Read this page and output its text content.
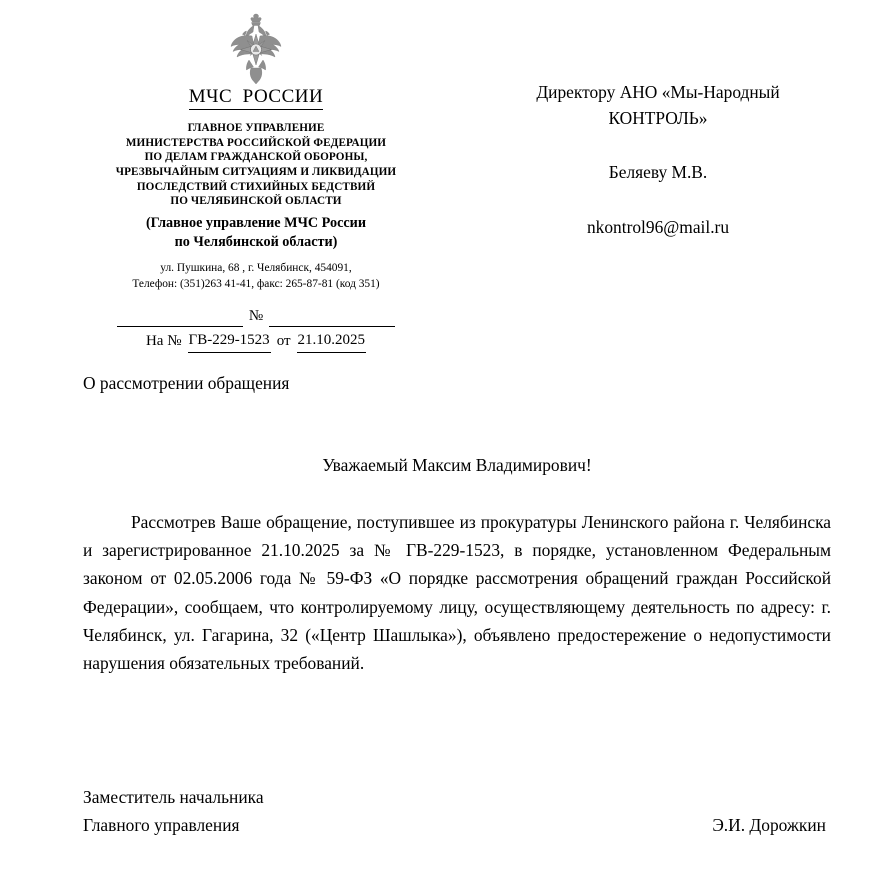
МЧС  РОССИИ
ГЛАВНОЕ УПРАВЛЕНИЕ
МИНИСТЕРСТВА РОССИЙСКОЙ ФЕДЕРАЦИИ
ПО ДЕЛАМ ГРАЖДАНСКОЙ ОБОРОНЫ,
ЧРЕЗВЫЧАЙНЫМ СИТУАЦИЯМ И ЛИКВИДАЦИИ
ПОСЛЕДСТВИЙ СТИХИЙНЫХ БЕДСТВИЙ
ПО ЧЕЛЯБИНСКОЙ ОБЛАСТИ
(Главное управление МЧС России
по Челябинской области)
ул. Пушкина, 68 , г. Челябинск, 454091,
Телефон: (351)263 41-41, факс: 265-87-81 (код 351)
№
На № ГВ-229-1523 от 21.10.2025
Директору АНО «Мы-Народный
КОНТРОЛЬ»
Беляеву М.В.
nkontrol96@mail.ru
О рассмотрении обращения
Уважаемый Максим Владимирович!
Рассмотрев Ваше обращение, поступившее из прокуратуры Ленинского района г. Челябинска и зарегистрированное 21.10.2025 за № ГВ-229-1523, в порядке, установленном Федеральным законом от 02.05.2006 года № 59-ФЗ «О порядке рассмотрения обращений граждан Российской Федерации», сообщаем, что контролируемому лицу, осуществляющему деятельность по адресу: г. Челябинск, ул. Гагарина, 32 («Центр Шашлыка»), объявлено предостережение о недопустимости нарушения обязательных требований.
Заместитель начальника
Главного управления	Э.И. Дорожкин
